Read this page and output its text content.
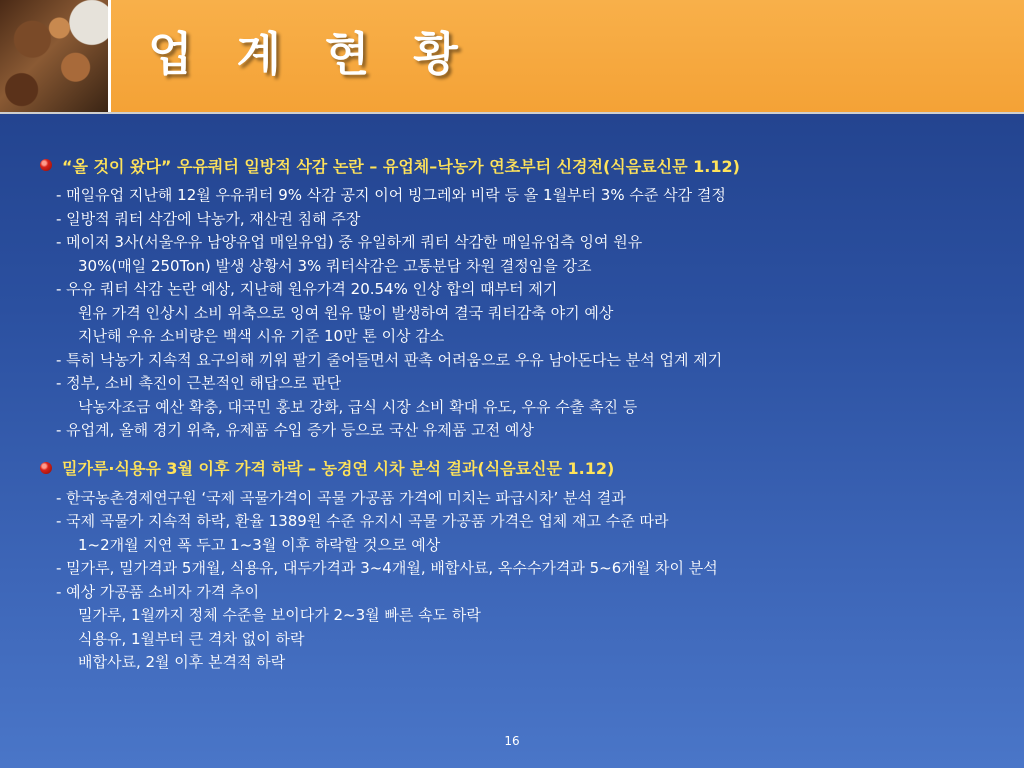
업 계 현 황
“올 것이 왔다” 우유쿼터 일방적 삭감 논란 – 유업체–낙농가 연초부터 신경전(식음료신문 1.12)
- 매일유업 지난해 12월 우유쿼터 9% 삭감 공지 이어 빙그레와 비락 등 올 1월부터 3% 수준 삭감 결정
- 일방적 쿼터 삭감에 낙농가, 재산권 침해 주장
- 메이저 3사(서울우유 남양유업 매일유업) 중 유일하게 쿼터 삭감한 매일유업측 잉여 원유
30%(매일 250Ton) 발생 상황서 3% 쿼터삭감은 고통분담 차원 결정임을 강조
- 우유 쿼터 삭감 논란 예상, 지난해 원유가격 20.54% 인상 합의 때부터 제기
원유 가격 인상시 소비 위축으로 잉여 원유 많이 발생하여 결국 쿼터감축 야기 예상
지난해 우유 소비량은 백색 시유 기준 10만 톤 이상 감소
- 특히 낙농가 지속적 요구의해 끼워 팔기 줄어들면서 판촉 어려움으로 우유 남아돈다는 분석 업계 제기
- 정부, 소비 촉진이 근본적인 해답으로 판단
낙농자조금 예산 확충, 대국민 홍보 강화, 급식 시장 소비 확대 유도, 우유 수출 촉진 등
- 유업계, 올해 경기 위축, 유제품 수입 증가 등으로 국산 유제품 고전 예상
밀가루·식용유 3월 이후 가격 하락 – 농경연 시차 분석 결과(식음료신문 1.12)
- 한국농촌경제연구원 ‘국제 곡물가격이 곡물 가공품 가격에 미치는 파급시차’ 분석 결과
- 국제 곡물가 지속적 하락, 환율 1389원 수준 유지시 곡물 가공품 가격은 업체 재고 수준 따라
1~2개월 지연 폭 두고 1~3월 이후 하락할 것으로 예상
- 밀가루, 밀가격과 5개월, 식용유, 대두가격과 3~4개월, 배합사료, 옥수수가격과 5~6개월 차이 분석
- 예상 가공품 소비자 가격 추이
밀가루, 1월까지 정체 수준을 보이다가 2~3월 빠른 속도 하락
식용유, 1월부터 큰 격차 없이 하락
배합사료, 2월 이후 본격적 하락
16
